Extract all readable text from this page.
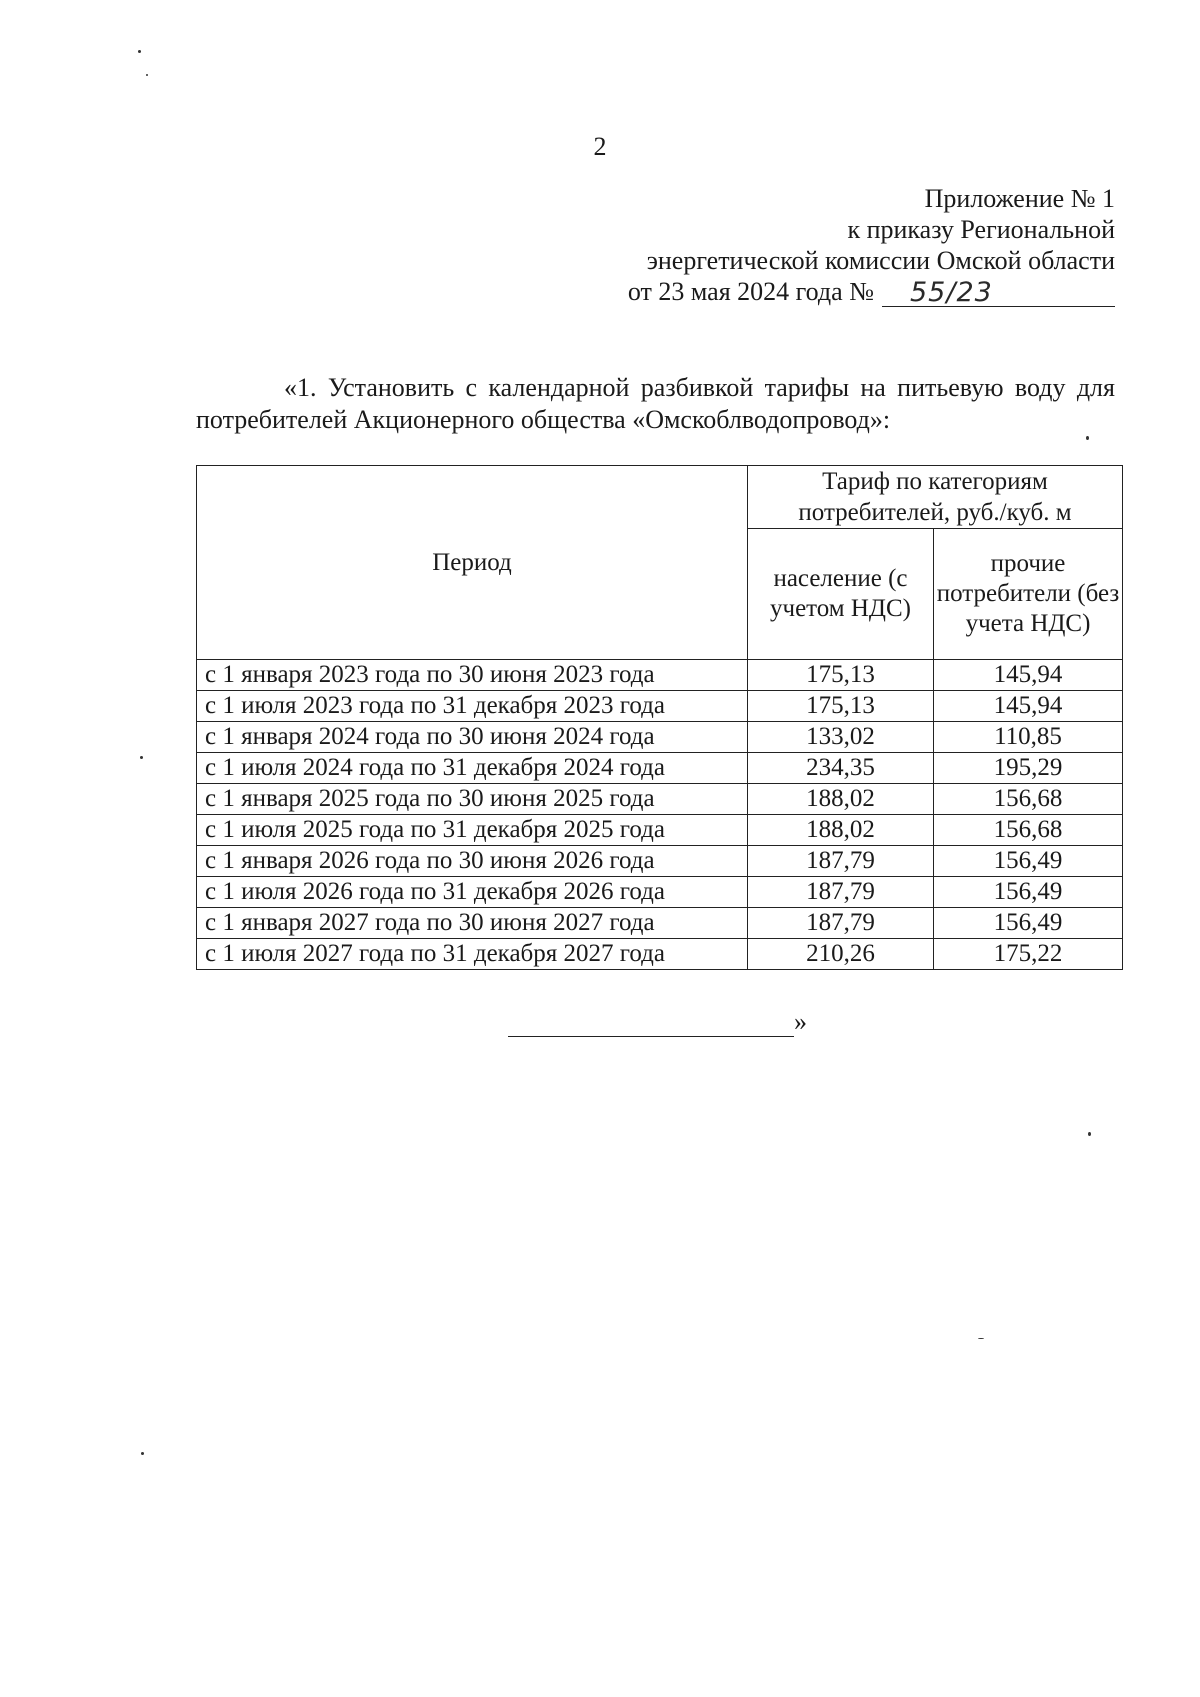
2
Приложение № 1
к приказу Региональной
энергетической комиссии Омской области
от 23 мая 2024 года №	55/23
«1. Установить с календарной разбивкой тарифы на питьевую воду для потребителей Акционерного общества «Омскоблводопровод»:
Период	Тариф по категориям потребителей, руб./куб. м	
	население (с учетом НДС)	прочие потребители (без учета НДС)
с 1 января 2023 года по 30 июня 2023 года	175,13	145,94
с 1 июля 2023 года по 31 декабря 2023 года	175,13	145,94
с 1 января 2024 года по 30 июня 2024 года	133,02	110,85
с 1 июля 2024 года по 31 декабря 2024 года	234,35	195,29
с 1 января 2025 года по 30 июня 2025 года	188,02	156,68
с 1 июля 2025 года по 31 декабря 2025 года	188,02	156,68
с 1 января 2026 года по 30 июня 2026 года	187,79	156,49
с 1 июля 2026 года по 31 декабря 2026 года	187,79	156,49
с 1 января 2027 года по 30 июня 2027 года	187,79	156,49
с 1 июля 2027 года по 31 декабря 2027 года	210,26	175,22
»
